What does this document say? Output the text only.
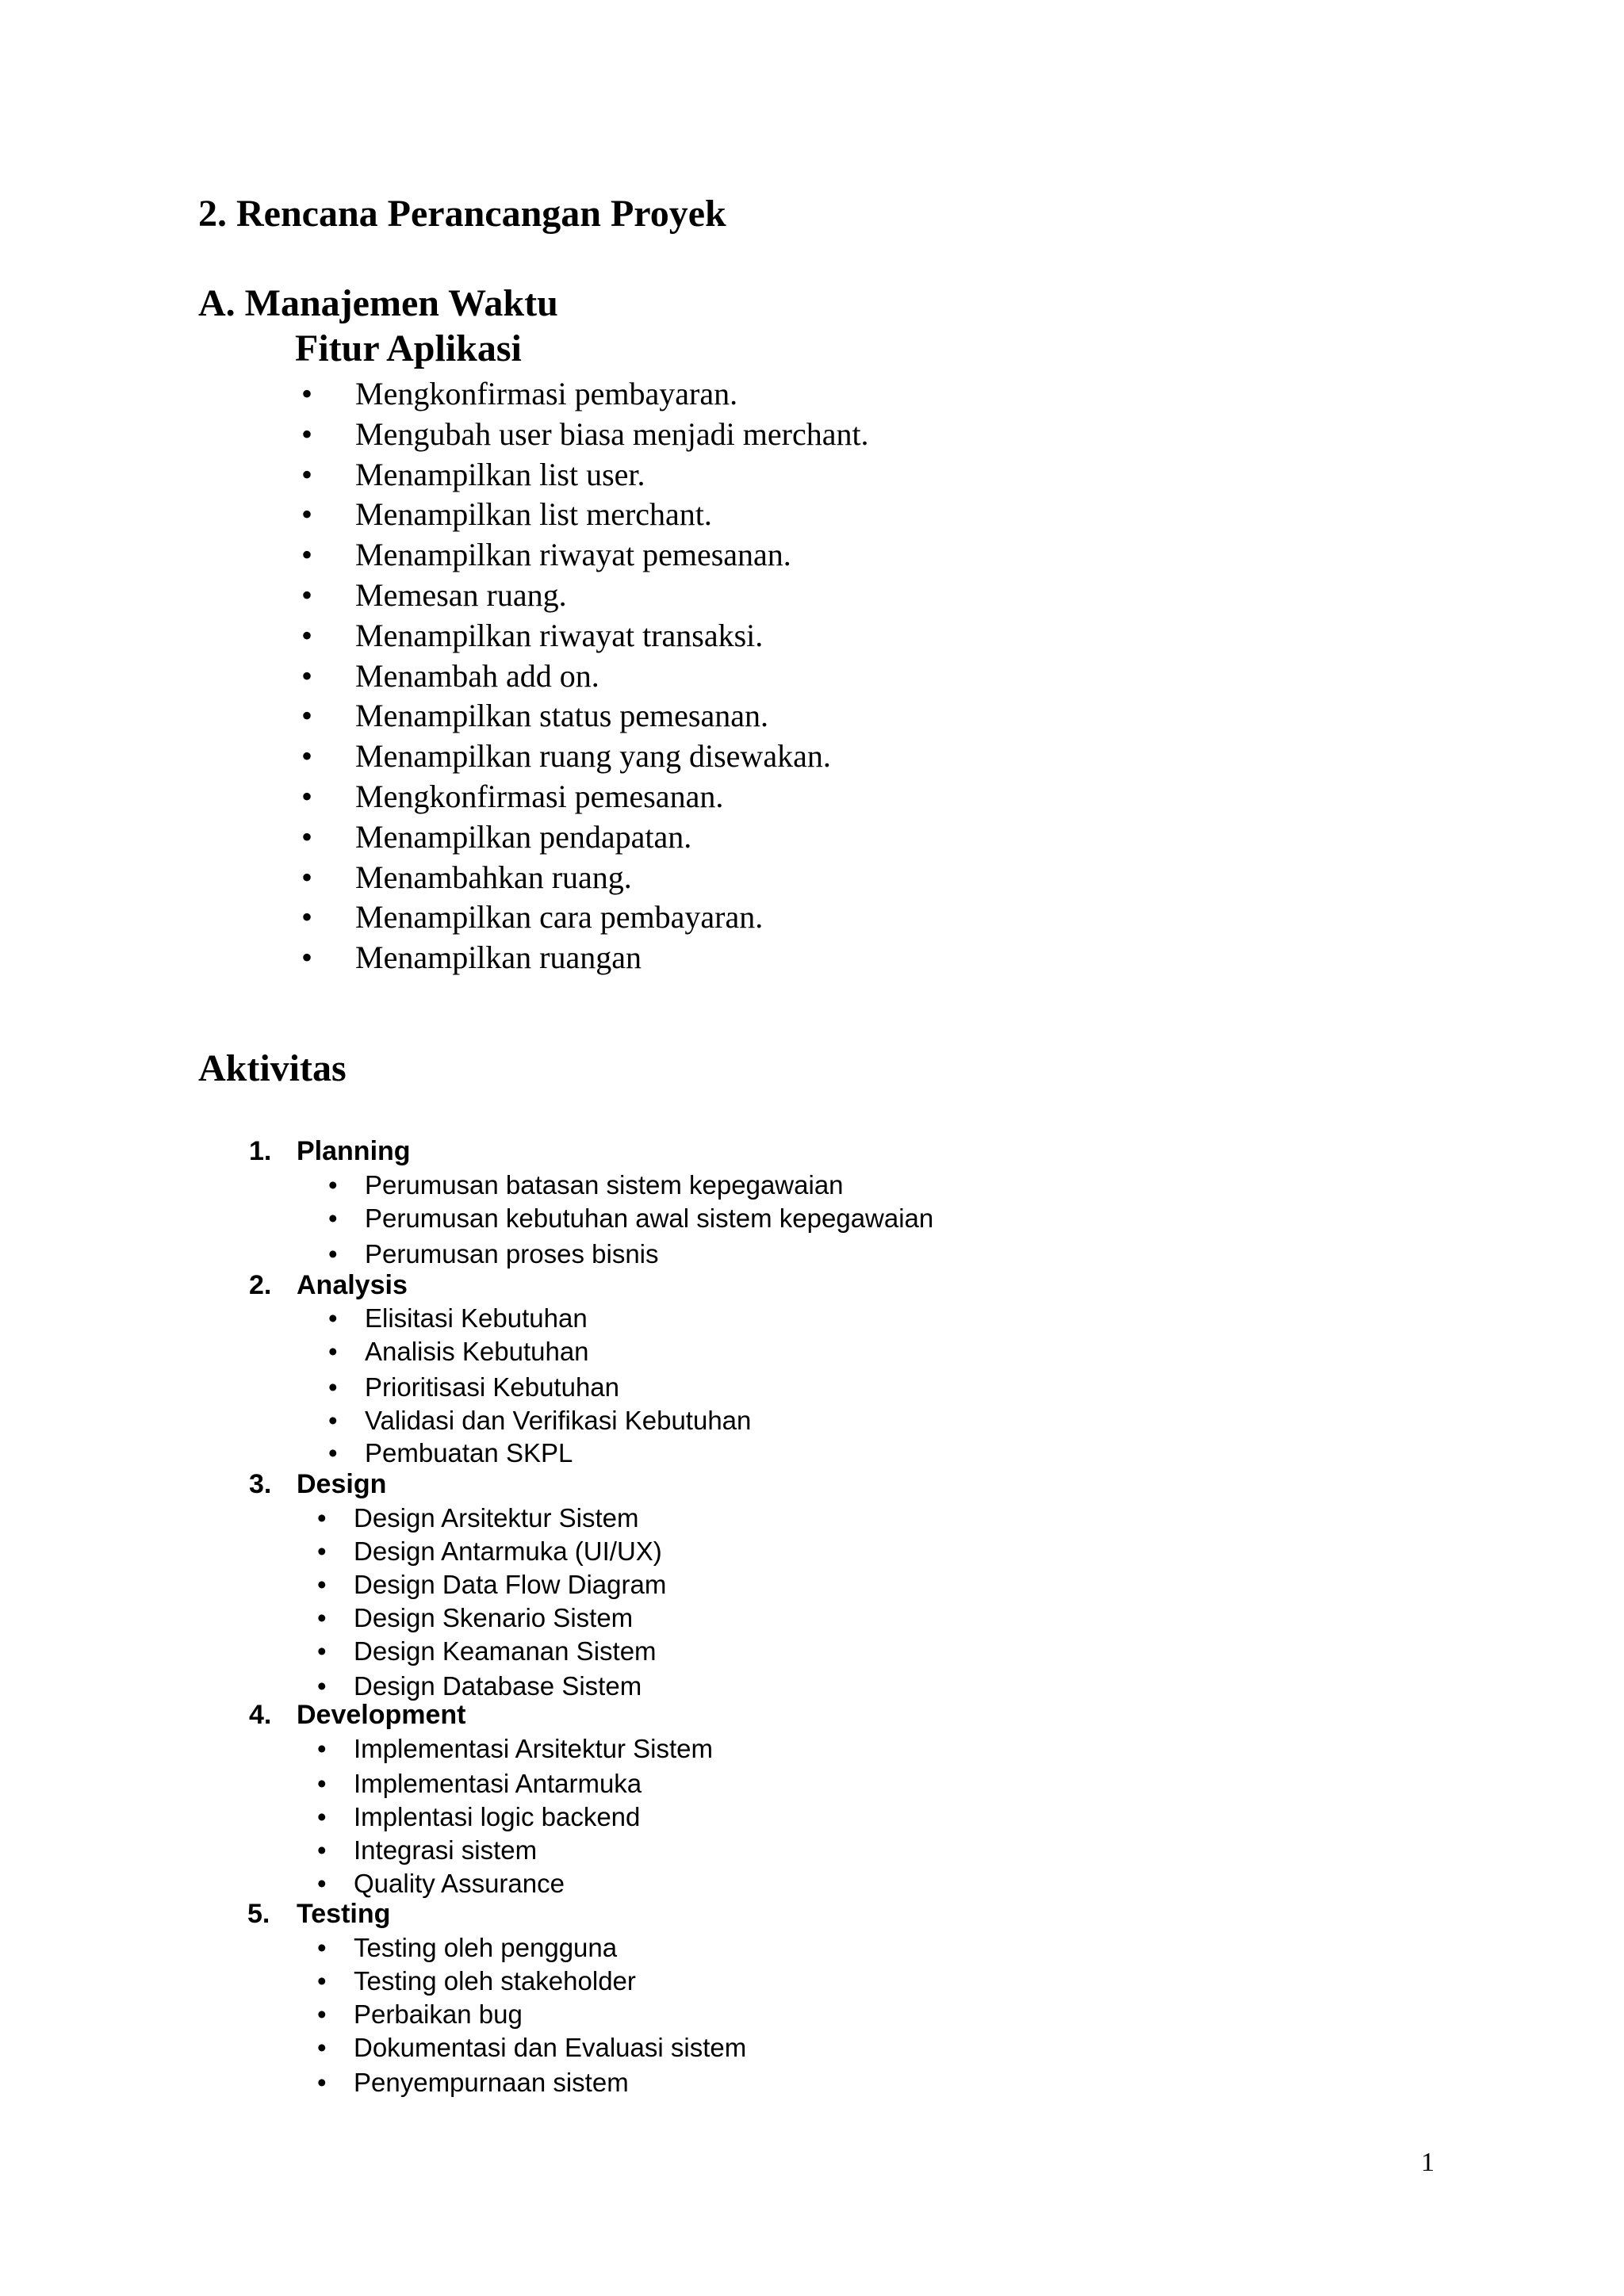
2. Rencana Perancangan Proyek
A. Manajemen Waktu
Fitur Aplikasi
• Mengkonfirmasi pembayaran.
• Mengubah user biasa menjadi merchant.
• Menampilkan list user.
• Menampilkan list merchant.
• Menampilkan riwayat pemesanan.
• Memesan ruang.
• Menampilkan riwayat transaksi.
• Menambah add on.
• Menampilkan status pemesanan.
• Menampilkan ruang yang disewakan.
• Mengkonfirmasi pemesanan.
• Menampilkan pendapatan.
• Menambahkan ruang.
• Menampilkan cara pembayaran.
• Menampilkan ruangan
Aktivitas
1. Planning
• Perumusan batasan sistem kepegawaian
• Perumusan kebutuhan awal sistem kepegawaian
• Perumusan proses bisnis
2. Analysis
• Elisitasi Kebutuhan
• Analisis Kebutuhan
• Prioritisasi Kebutuhan
• Validasi dan Verifikasi Kebutuhan
• Pembuatan SKPL
3. Design
• Design Arsitektur Sistem
• Design Antarmuka (UI/UX)
• Design Data Flow Diagram
• Design Skenario Sistem
• Design Keamanan Sistem
• Design Database Sistem
4. Development
• Implementasi Arsitektur Sistem
• Implementasi Antarmuka
• Implentasi logic backend
• Integrasi sistem
• Quality Assurance
5. Testing
• Testing oleh pengguna
• Testing oleh stakeholder
• Perbaikan bug
• Dokumentasi dan Evaluasi sistem
• Penyempurnaan sistem
1
